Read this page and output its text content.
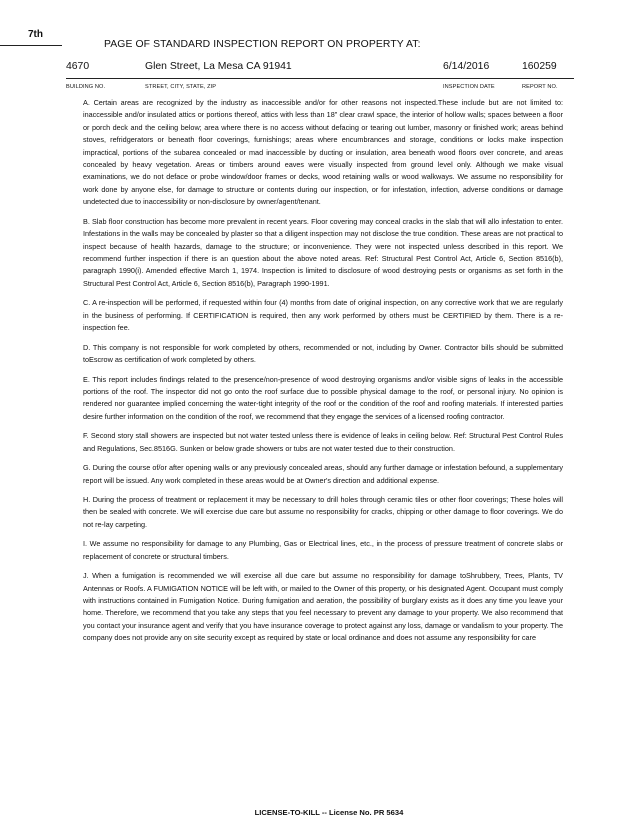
7th
PAGE OF STANDARD INSPECTION REPORT ON PROPERTY AT:
4670	Glen Street, La Mesa CA 91941	6/14/2016	160259
BUILDING NO.	STREET, CITY, STATE, ZIP	INSPECTION DATE	REPORT NO.

A. Certain areas are recognized by the industry as inaccessible and/or for other reasons not inspected.These include but are not limited to: inaccessible and/or insulated attics or portions thereof, attics with less than 18" clear crawl space, the interior of hollow walls; spaces between a floor or porch deck and the ceiling below; area where there is no access without defacing or tearing out lumber, masonry or finished work; areas behind stoves, refridgerators or beneath floor coverings, furnishings; areas where encumbrances and storage, conditions or locks make inspection impractical, portions of the subarea concealed or mad inaccessible by ducting or insulation, area beneath wood floors over concrete, and areas concealed by heavy vegetation. Areas or timbers around eaves were visually inspected from ground level only. Although we make visual examinations, we do not deface or probe window/door frames or decks, wood retaining walls or wood walkways. We assume no responsibility for work done by anyone else, for damage to structure or contents during our inspection, or for infestation, infection, adverse conditions or damage undetected due to inaccessibility or non-disclosure by owner/agent/tenant.

B. Slab floor construction has become more prevalent in recent years. Floor covering may conceal cracks in the slab that will allo infestation to enter. Infestations in the walls may be concealed by plaster so that a diligent inspection may not disclose the true condition. These areas are not practical to inspect because of health hazards, damage to the structure; or inconvenience. They were not inspected unless described in this report. We recommend further inspection if there is an question about the above noted areas. Ref: Structural Pest Control Act, Article 6, Section 8516(b), paragraph 1990(i). Amended effective March 1, 1974. Inspection is limited to disclosure of wood destroying pests or organisms as set forth in the Structural Pest Control Act, Article 6, Section 8516(b), Paragraph 1990-1991.

C. A re-inspection will be performed, if requested within four (4) months from date of original inspection, on any corrective work that we are regularly in the business of performing. If CERTIFICATION is required, then any work performed by others must be CERTIFIED by them. There is a re-inspection fee.

D. This company is not responsible for work completed by others, recommended or not, including by Owner. Contractor bills should be submitted toEscrow as certification of work completed by others.

E. This report includes findings related to the presence/non-presence of wood destroying organisms and/or visible signs of leaks in the accessible portions of the roof. The inspector did not go onto the roof surface due to possible physical damage to the roof, or personal injury. No opinion is rendered nor guarantee implied concerning the water-tight integrity of the roof or the condition of the roof and roofing materials. If interested parties desire further information on the condition of the roof, we recommend that they engage the services of a licensed roofing contractor.

F. Second story stall showers are inspected but not water tested unless there is evidence of leaks in ceiling below. Ref: Structural Pest Control Rules and Regulations, Sec.8516G. Sunken or below grade showers or tubs are not water tested due to their construction.

G. During the course of/or after opening walls or any previously concealed areas, should any further damage or infestation befound, a supplementary report will be issued. Any work completed in these areas would be at Owner's direction and additional expense.

H. During the process of treatment or replacement it may be necessary to drill holes through ceramic tiles or other floor coverings; These holes will then be sealed with concrete. We will exercise due care but assume no responsibility for cracks, chipping or other damage to floor coverings. We do not re-lay carpeting.

I. We assume no responsibility for damage to any Plumbing, Gas or Electrical lines, etc., in the process of pressure treatment of concrete slabs or replacement of concrete or structural timbers.

J. When a fumigation is recommended we will exercise all due care but assume no responsibility for damage toShrubbery, Trees, Plants, TV Antennas or Roofs. A FUMIGATION NOTICE will be left with, or mailed to the Owner of this property, or his designated Agent. Occupant must comply with instructions contained in Fumigation Notice. During fumigation and aeration, the possibility of burglary exists as it does any time you leave your home. Therefore, we recommend that you take any steps that you feel necessary to prevent any damage to your property. We also recommend that you contact your insurance agent and verify that you have insurance coverage to protect against any loss, damage or vandalism to your property. The company does not provide any on site security except as required by state or local ordinance and does not assume any responsibility for care

LICENSE-TO-KILL -- License No. PR 5634
